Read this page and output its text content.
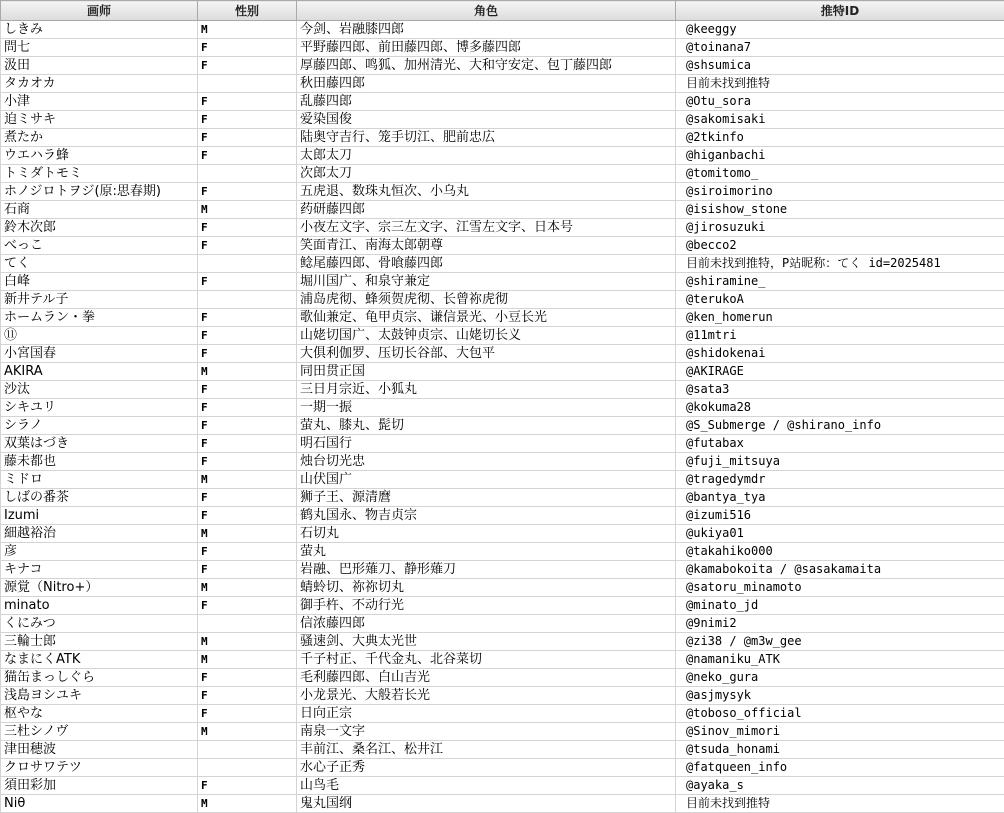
画师	性别	角色	推特ID
しきみ	M	今剑、岩融膝四郎	@keeggy
問七	F	平野藤四郎、前田藤四郎、博多藤四郎	@toinana7
汲田	F	厚藤四郎、鸣狐、加州清光、大和守安定、包丁藤四郎	@shsumica
タカオカ		秋田藤四郎	目前未找到推特
小津	F	乱藤四郎	@Otu_sora
迫ミサキ	F	爱染国俊	@sakomisaki
煮たか	F	陆奥守吉行、笼手切江、肥前忠広	@2tkinfo
ウエハラ蜂	F	太郎太刀	@higanbachi
トミダトモミ		次郎太刀	@tomitomo_
ホノジロトヲジ(原:思春期)	F	五虎退、数珠丸恒次、小乌丸	@siroimorino
石商	M	药研藤四郎	@isishow_stone
鈴木次郎	F	小夜左文字、宗三左文字、江雪左文字、日本号	@jirosuzuki
べっこ	F	笑面青江、南海太郎朝尊	@becco2
てく		鲶尾藤四郎、骨喰藤四郎	目前未找到推特，P站昵称：てく id=2025481
白峰	F	堀川国广、和泉守兼定	@shiramine_
新井テル子		浦岛虎彻、蜂须贺虎彻、长曾祢虎彻	@terukoA
ホームラン・拳	F	歌仙兼定、龟甲贞宗、谦信景光、小豆长光	@ken_homerun
⑪	F	山姥切国广、太鼓钟贞宗、山姥切长义	@11mtri
小宮国春	F	大俱利伽罗、压切长谷部、大包平	@shidokenai
AKIRA	M	同田贯正国	@AKIRAGE
沙汰	F	三日月宗近、小狐丸	@sata3
シキユリ	F	一期一振	@kokuma28
シラノ	F	萤丸、膝丸、髭切	@S_Submerge / @shirano_info
双葉はづき	F	明石国行	@futabax
藤未都也	F	烛台切光忠	@fuji_mitsuya
ミドロ	M	山伏国广	@tragedymdr
しばの番茶	F	狮子王、源清麿	@bantya_tya
Izumi	F	鹤丸国永、物吉贞宗	@izumi516
細越裕治	M	石切丸	@ukiya01
彦	F	萤丸	@takahiko000
キナコ	F	岩融、巴形薙刀、静形薙刀	@kamabokoita / @sasakamaita
源覚（Nitro+）	M	蜻蛉切、祢祢切丸	@satoru_minamoto
minato	F	御手杵、不动行光	@minato_jd
くにみつ		信浓藤四郎	@9nimi2
三輪士郎	M	骚速剑、大典太光世	@zi38 / @m3w_gee
なまにくATK	M	千子村正、千代金丸、北谷菜切	@namaniku_ATK
猫缶まっしぐら	F	毛利藤四郎、白山吉光	@neko_gura
浅島ヨシユキ	F	小龙景光、大般若长光	@asjmysyk
枢やな	F	日向正宗	@toboso_official
三杜シノヴ	M	南泉一文字	@Sinov_mimori
津田穂波		丰前江、桑名江、松井江	@tsuda_honami
クロサワテツ		水心子正秀	@fatqueen_info
須田彩加	F	山鸟毛	@ayaka_s
Niθ	M	鬼丸国纲	目前未找到推特
